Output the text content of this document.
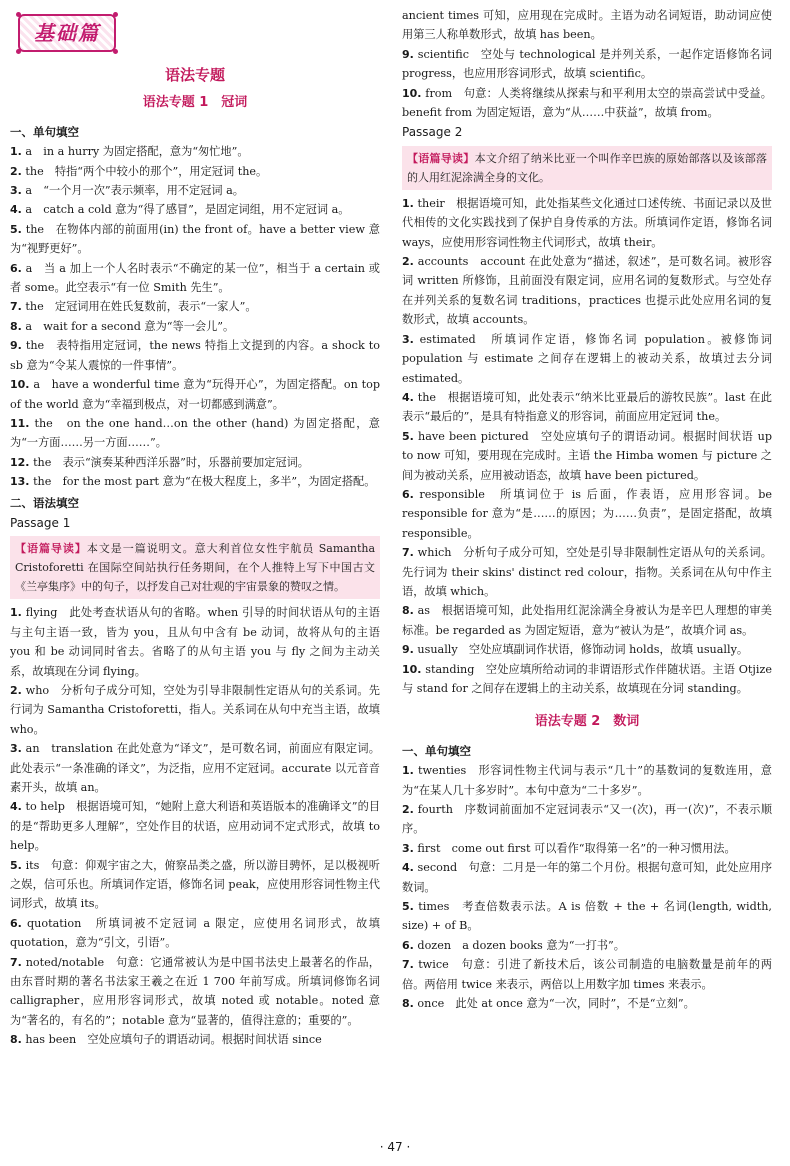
基础篇
语法专题
语法专题 1　冠词
一、单句填空

1. a　in a hurry 为固定搭配，意为“匆忙地”。

2. the　特指“两个中较小的那个”，用定冠词 the。

3. a　“一个月一次”表示频率，用不定冠词 a。

4. a　catch a cold 意为“得了感冒”，是固定词组，用不定冠词 a。

5. the　在物体内部的前面用(in) the front of。have a better view 意为“视野更好”。

6. a　当 a 加上一个人名时表示“不确定的某一位”，相当于 a certain 或者 some。此空表示“有一位 Smith 先生”。

7. the　定冠词用在姓氏复数前，表示“一家人”。

8. a　wait for a second 意为“等一会儿”。

9. the　表特指用定冠词，the news 特指上文提到的内容。a shock to sb 意为“令某人震惊的一件事情”。

10. a　have a wonderful time 意为“玩得开心”，为固定搭配。on top of the world 意为“幸福到极点，对一切都感到满意”。

11. the　on the one hand…on the other (hand) 为固定搭配，意为“一方面……另一方面……”。

12. the　表示“演奏某种西洋乐器”时，乐器前要加定冠词。

13. the　for the most part 意为“在极大程度上，多半”，为固定搭配。

二、语法填空
Passage 1
【语篇导读】本文是一篇说明文。意大利首位女性宇航员 Samantha Cristoforetti 在国际空间站执行任务期间，在个人推特上写下中国古文《兰亭集序》中的句子，以抒发自己对壮观的宇宙景象的赞叹之情。

1. flying　此处考查状语从句的省略。when 引导的时间状语从句的主语与主句主语一致，皆为 you，且从句中含有 be 动词，故将从句的主语 you 和 be 动词同时省去。省略了的从句主语 you 与 fly 之间为主动关系，故填现在分词 flying。

2. who　分析句子成分可知，空处为引导非限制性定语从句的关系词。先行词为 Samantha Cristoforetti，指人。关系词在从句中充当主语，故填 who。

3. an　translation 在此处意为“译文”，是可数名词，前面应有限定词。此处表示“一条准确的译文”，为泛指，应用不定冠词。accurate 以元音音素开头，故填 an。

4. to help　根据语境可知，“她附上意大利语和英语版本的准确译文”的目的是“帮助更多人理解”，空处作目的状语，应用动词不定式形式，故填 to help。

5. its　句意：仰观宇宙之大，俯察品类之盛，所以游目骋怀，足以极视听之娱，信可乐也。所填词作定语，修饰名词 peak，应使用形容词性物主代词形式，故填 its。

6. quotation　所填词被不定冠词 a 限定，应使用名词形式，故填 quotation，意为“引文，引语”。

7. noted/notable　句意：它通常被认为是中国书法史上最著名的作品，由东晋时期的著名书法家王羲之在近 1 700 年前写成。所填词修饰名词 calligrapher，应用形容词形式，故填 noted 或 notable。noted 意为“著名的，有名的”；notable 意为“显著的，值得注意的；重要的”。

8. has been　空处应填句子的谓语动词。根据时间状语 since

ancient times 可知，应用现在完成时。主语为动名词短语，助动词应使用第三人称单数形式，故填 has been。

9. scientific　空处与 technological 是并列关系，一起作定语修饰名词 progress，也应用形容词形式，故填 scientific。

10. from　句意：人类将继续从探索与和平利用太空的崇高尝试中受益。benefit from 为固定短语，意为“从……中获益”，故填 from。

Passage 2
【语篇导读】本文介绍了纳米比亚一个叫作辛巴族的原始部落以及该部落的人用红泥涂满全身的文化。

1. their　根据语境可知，此处指某些文化通过口述传统、书面记录以及世代相传的文化实践找到了保护自身传承的方法。所填词作定语，修饰名词 ways，应使用形容词性物主代词形式，故填 their。

2. accounts　account 在此处意为“描述，叙述”，是可数名词。被形容词 written 所修饰，且前面没有限定词，应用名词的复数形式。与空处存在并列关系的复数名词 traditions，practices 也提示此处应用名词的复数形式，故填 accounts。

3. estimated　所填词作定语，修饰名词 population。被修饰词 population 与 estimate 之间存在逻辑上的被动关系，故填过去分词 estimated。

4. the　根据语境可知，此处表示“纳米比亚最后的游牧民族”。last 在此表示“最后的”，是具有特指意义的形容词，前面应用定冠词 the。

5. have been pictured　空处应填句子的谓语动词。根据时间状语 up to now 可知，要用现在完成时。主语 the Himba women 与 picture 之间为被动关系，应用被动语态，故填 have been pictured。

6. responsible　所填词位于 is 后面，作表语，应用形容词。be responsible for 意为“是……的原因；为……负责”，是固定搭配，故填 responsible。

7. which　分析句子成分可知，空处是引导非限制性定语从句的关系词。先行词为 their skins' distinct red colour，指物。关系词在从句中作主语，故填 which。

8. as　根据语境可知，此处指用红泥涂满全身被认为是辛巴人理想的审美标准。be regarded as 为固定短语，意为“被认为是”，故填介词 as。

9. usually　空处应填副词作状语，修饰动词 holds，故填 usually。

10. standing　空处应填所给动词的非谓语形式作伴随状语。主语 Otjize 与 stand for 之间存在逻辑上的主动关系，故填现在分词 standing。

语法专题 2　数词
一、单句填空

1. twenties　形容词性物主代词与表示“几十”的基数词的复数连用，意为“在某人几十多岁时”。本句中意为“二十多岁”。

2. fourth　序数词前面加不定冠词表示“又一(次)，再一(次)”，不表示顺序。

3. first　come out first 可以看作“取得第一名”的一种习惯用法。

4. second　句意：二月是一年的第二个月份。根据句意可知，此处应用序数词。

5. times　考查倍数表示法。A is 倍数 + the + 名词(length, width, size) + of B。

6. dozen　a dozen books 意为“一打书”。

7. twice　句意：引进了新技术后，该公司制造的电脑数量是前年的两倍。两倍用 twice 来表示，两倍以上用数字加 times 来表示。

8. once　此处 at once 意为“一次，同时”，不是“立刻”。

· 47 ·
